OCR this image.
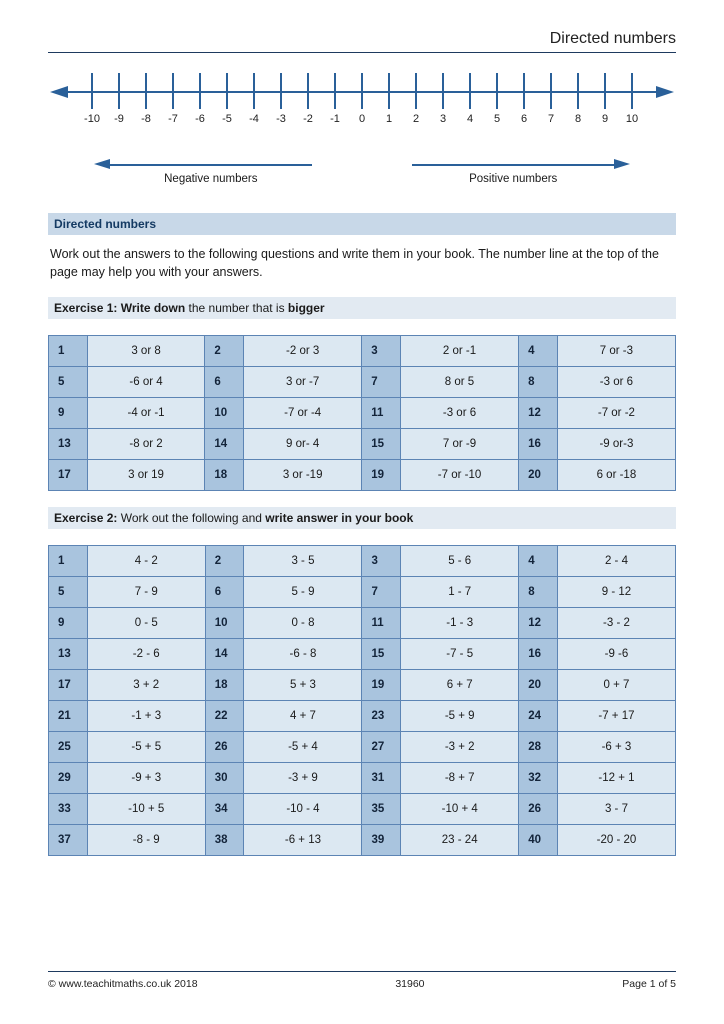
Directed numbers
-10	-9	-8	-7	-6	-5	-4	-3	-2	-1	0	1	2	3	4	5	6	7	8	9	10
Negative numbers	Positive numbers
Directed numbers
Work out the answers to the following questions and write them in your book. The number line at the top of the page may help you with your answers.
Exercise 1: Write down the number that is bigger
1	3 or 8	2	-2 or 3	3	2 or -1	4	7 or -3
5	-6 or 4	6	3 or -7	7	8 or 5	8	-3 or 6
9	-4 or -1	10	-7 or -4	11	-3 or 6	12	-7 or -2
13	-8 or 2	14	9 or- 4	15	7 or -9	16	-9 or-3
17	3 or 19	18	3 or -19	19	-7 or -10	20	6 or -18
Exercise 2: Work out the following and write answer in your book
1	4 - 2	2	3 - 5	3	5 - 6	4	2 - 4
5	7 - 9	6	5 - 9	7	1 - 7	8	9 - 12
9	0 - 5	10	0 - 8	11	-1 - 3	12	-3 - 2
13	-2 - 6	14	-6 - 8	15	-7 - 5	16	-9 -6
17	3 + 2	18	5 + 3	19	6 + 7	20	0 + 7
21	-1 + 3	22	4 + 7	23	-5 + 9	24	-7 + 17
25	-5 + 5	26	-5 + 4	27	-3 + 2	28	-6 + 3
29	-9 + 3	30	-3 + 9	31	-8 + 7	32	-12 + 1
33	-10 + 5	34	-10 - 4	35	-10 + 4	26	3 - 7
37	-8 - 9	38	-6 + 13	39	23 - 24	40	-20 - 20
© www.teachitmaths.co.uk 2018	31960	Page 1 of 5
